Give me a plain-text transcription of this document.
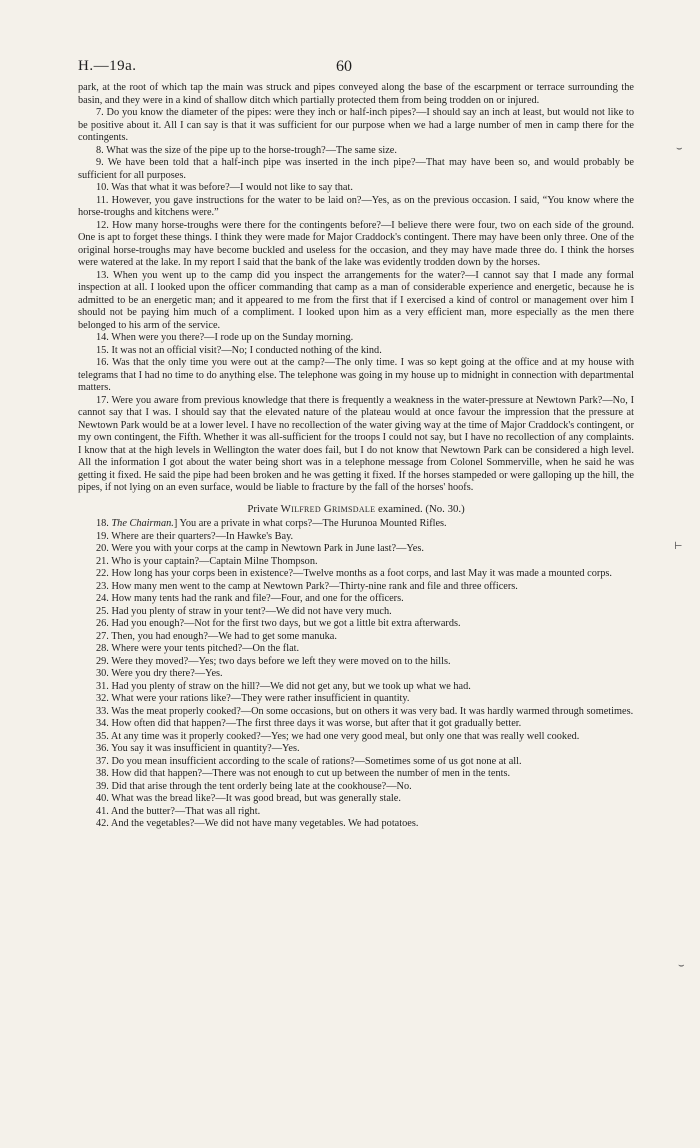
H.—19a.	60

park, at the root of which tap the main was struck and pipes conveyed along the base of the escarpment or terrace surrounding the basin, and they were in a kind of shallow ditch which partially protected them from being trodden on or injured.

7. Do you know the diameter of the pipes: were they inch or half-inch pipes?—I should say an inch at least, but would not like to be positive about it. All I can say is that it was sufficient for our purpose when we had a large number of men in camp there for the contingents.

8. What was the size of the pipe up to the horse-trough?—The same size.

9. We have been told that a half-inch pipe was inserted in the inch pipe?—That may have been so, and would probably be sufficient for all purposes.

10. Was that what it was before?—I would not like to say that.

11. However, you gave instructions for the water to be laid on?—Yes, as on the previous occasion. I said, “You know where the horse-troughs and kitchens were.”

12. How many horse-troughs were there for the contingents before?—I believe there were four, two on each side of the ground. One is apt to forget these things. I think they were made for Major Craddock's contingent. There may have been only three. One of the original horse-troughs may have become buckled and useless for the occasion, and they may have made three do. I think the horses were watered at the lake. In my report I said that the bank of the lake was evidently trodden down by the horses.

13. When you went up to the camp did you inspect the arrangements for the water?—I cannot say that I made any formal inspection at all. I looked upon the officer commanding that camp as a man of considerable experience and energetic, because he is admitted to be an energetic man; and it appeared to me from the first that if I exercised a kind of control or management over him I should not be paying him much of a compliment. I looked upon him as a very efficient man, more especially as the men there belonged to his arm of the service.

14. When were you there?—I rode up on the Sunday morning.

15. It was not an official visit?—No; I conducted nothing of the kind.

16. Was that the only time you were out at the camp?—The only time. I was so kept going at the office and at my house with telegrams that I had no time to do anything else. The telephone was going in my house up to midnight in connection with departmental matters.

17. Were you aware from previous knowledge that there is frequently a weakness in the water-pressure at Newtown Park?—No, I cannot say that I was. I should say that the elevated nature of the plateau would at once favour the impression that the pressure at Newtown Park would be at a lower level. I have no recollection of the water giving way at the time of Major Craddock's contingent, or my own contingent, the Fifth. Whether it was all-sufficient for the troops I could not say, but I have no recollection of any complaints. I know that at the high levels in Wellington the water does fail, but I do not know that Newtown Park can be considered a high level. All the information I got about the water being short was in a telephone message from Colonel Sommerville, when he said he was getting it fixed. He said the pipe had been broken and he was getting it fixed. If the horses stampeded or were galloping up the hill, the pipes, if not lying on an even surface, would be liable to fracture by the fall of the horses' hoofs.

Private Wilfred Grimsdale examined. (No. 30.)

18. The Chairman.] You are a private in what corps?—The Hurunoa Mounted Rifles.

19. Where are their quarters?—In Hawke's Bay.

20. Were you with your corps at the camp in Newtown Park in June last?—Yes.

21. Who is your captain?—Captain Milne Thompson.

22. How long has your corps been in existence?—Twelve months as a foot corps, and last May it was made a mounted corps.

23. How many men went to the camp at Newtown Park?—Thirty-nine rank and file and three officers.

24. How many tents had the rank and file?—Four, and one for the officers.

25. Had you plenty of straw in your tent?—We did not have very much.

26. Had you enough?—Not for the first two days, but we got a little bit extra afterwards.

27. Then, you had enough?—We had to get some manuka.

28. Where were your tents pitched?—On the flat.

29. Were they moved?—Yes; two days before we left they were moved on to the hills.

30. Were you dry there?—Yes.

31. Had you plenty of straw on the hill?—We did not get any, but we took up what we had.

32. What were your rations like?—They were rather insufficient in quantity.

33. Was the meat properly cooked?—On some occasions, but on others it was very bad. It was hardly warmed through sometimes.

34. How often did that happen?—The first three days it was worse, but after that it got gradually better.

35. At any time was it properly cooked?—Yes; we had one very good meal, but only one that was really well cooked.

36. You say it was insufficient in quantity?—Yes.

37. Do you mean insufficient according to the scale of rations?—Sometimes some of us got none at all.

38. How did that happen?—There was not enough to cut up between the number of men in the tents.

39. Did that arise through the tent orderly being late at the cookhouse?—No.

40. What was the bread like?—It was good bread, but was generally stale.

41. And the butter?—That was all right.

42. And the vegetables?—We did not have many vegetables. We had potatoes.

⌣
⊢
⌣
